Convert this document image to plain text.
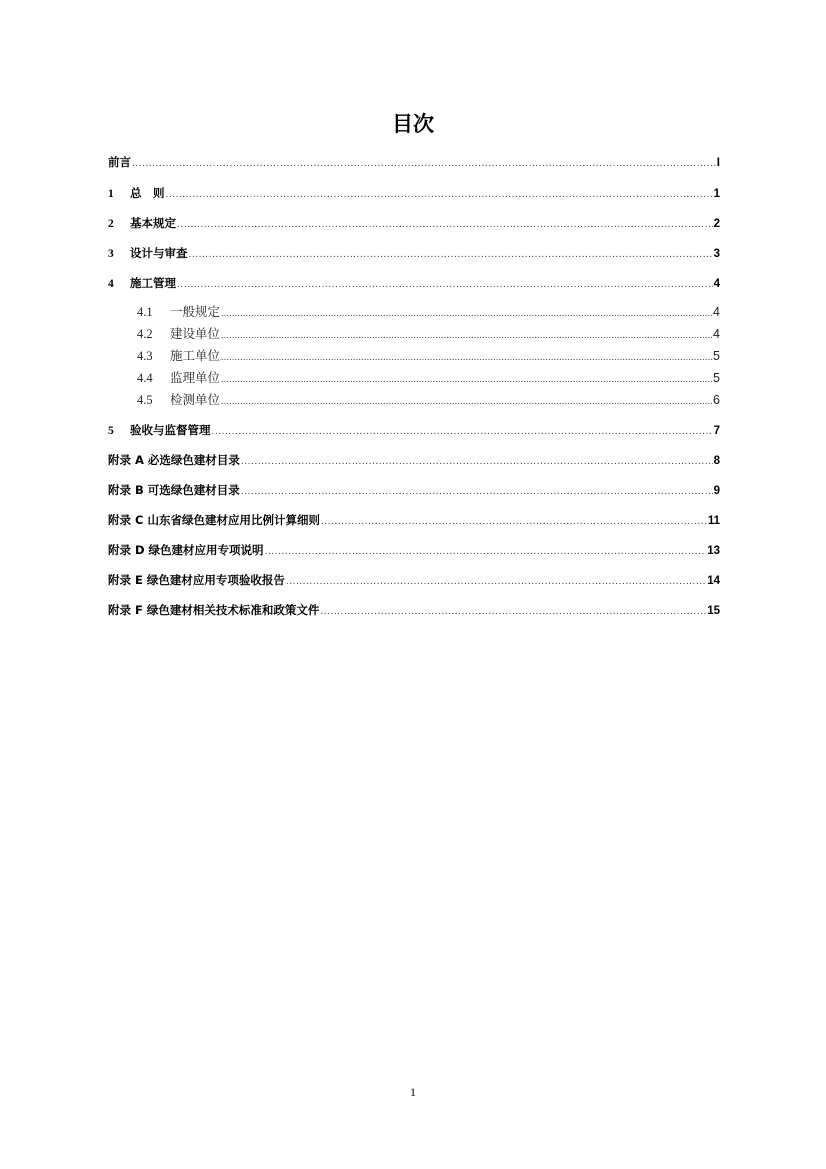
目次
前言 .....	I
1	总　则 .....	1
2	基本规定 .....	2
3	设计与审查 .....	3
4	施工管理 .....	4
4.1	一般规定 .....	4
4.2	建设单位 .....	4
4.3	施工单位 .....	5
4.4	监理单位 .....	5
4.5	检测单位 .....	6
5	验收与监督管理 .....	7
附录 A 必选绿色建材目录 .....	8
附录 B 可选绿色建材目录 .....	9
附录 C 山东省绿色建材应用比例计算细则 .....	11
附录 D 绿色建材应用专项说明 .....	13
附录 E 绿色建材应用专项验收报告 .....	14
附录 F 绿色建材相关技术标准和政策文件 .....	15
1
